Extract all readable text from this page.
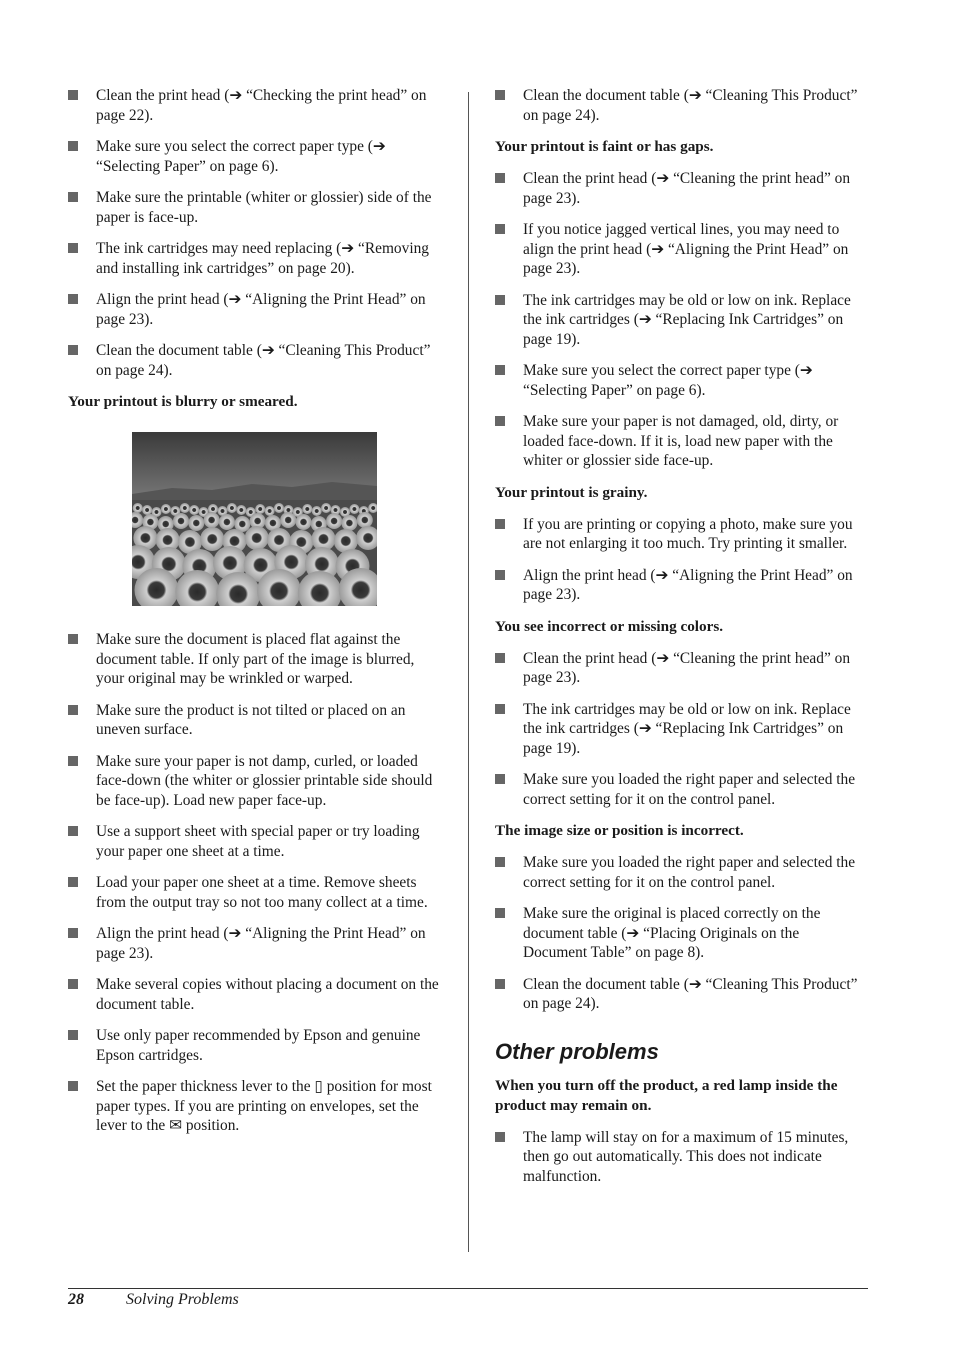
Clean the print head (➔ “Checking the print head” on page 22).
Make sure you select the correct paper type (➔ “Selecting Paper” on page 6).
Make sure the printable (whiter or glossier) side of the paper is face-up.
The ink cartridges may need replacing (➔ “Removing and installing ink cartridges” on page 20).
Align the print head (➔ “Aligning the Print Head” on page 23).
Clean the document table (➔ “Cleaning This Product” on page 24).
Your printout is blurry or smeared.
Make sure the document is placed flat against the document table. If only part of the image is blurred, your original may be wrinkled or warped.
Make sure the product is not tilted or placed on an uneven surface.
Make sure your paper is not damp, curled, or loaded face-down (the whiter or glossier printable side should be face-up). Load new paper face-up.
Use a support sheet with special paper or try loading your paper one sheet at a time.
Load your paper one sheet at a time. Remove sheets from the output tray so not too many collect at a time.
Align the print head (➔ “Aligning the Print Head” on page 23).
Make several copies without placing a document on the document table.
Use only paper recommended by Epson and genuine Epson cartridges.
Set the paper thickness lever to the ▯ position for most paper types. If you are printing on envelopes, set the lever to the ✉ position.
Clean the document table (➔ “Cleaning This Product” on page 24).
Your printout is faint or has gaps.
Clean the print head (➔ “Cleaning the print head” on page 23).
If you notice jagged vertical lines, you may need to align the print head (➔ “Aligning the Print Head” on page 23).
The ink cartridges may be old or low on ink. Replace the ink cartridges (➔ “Replacing Ink Cartridges” on page 19).
Make sure you select the correct paper type (➔ “Selecting Paper” on page 6).
Make sure your paper is not damaged, old, dirty, or loaded face-down. If it is, load new paper with the whiter or glossier side face-up.
Your printout is grainy.
If you are printing or copying a photo, make sure you are not enlarging it too much. Try printing it smaller.
Align the print head (➔ “Aligning the Print Head” on page 23).
You see incorrect or missing colors.
Clean the print head (➔ “Cleaning the print head” on page 23).
The ink cartridges may be old or low on ink. Replace the ink cartridges (➔ “Replacing Ink Cartridges” on page 19).
Make sure you loaded the right paper and selected the correct setting for it on the control panel.
The image size or position is incorrect.
Make sure you loaded the right paper and selected the correct setting for it on the control panel.
Make sure the original is placed correctly on the document table (➔ “Placing Originals on the Document Table” on page 8).
Clean the document table (➔ “Cleaning This Product” on page 24).
Other problems
When you turn off the product, a red lamp inside the product may remain on.
The lamp will stay on for a maximum of 15 minutes, then go out automatically. This does not indicate malfunction.
28	Solving Problems
